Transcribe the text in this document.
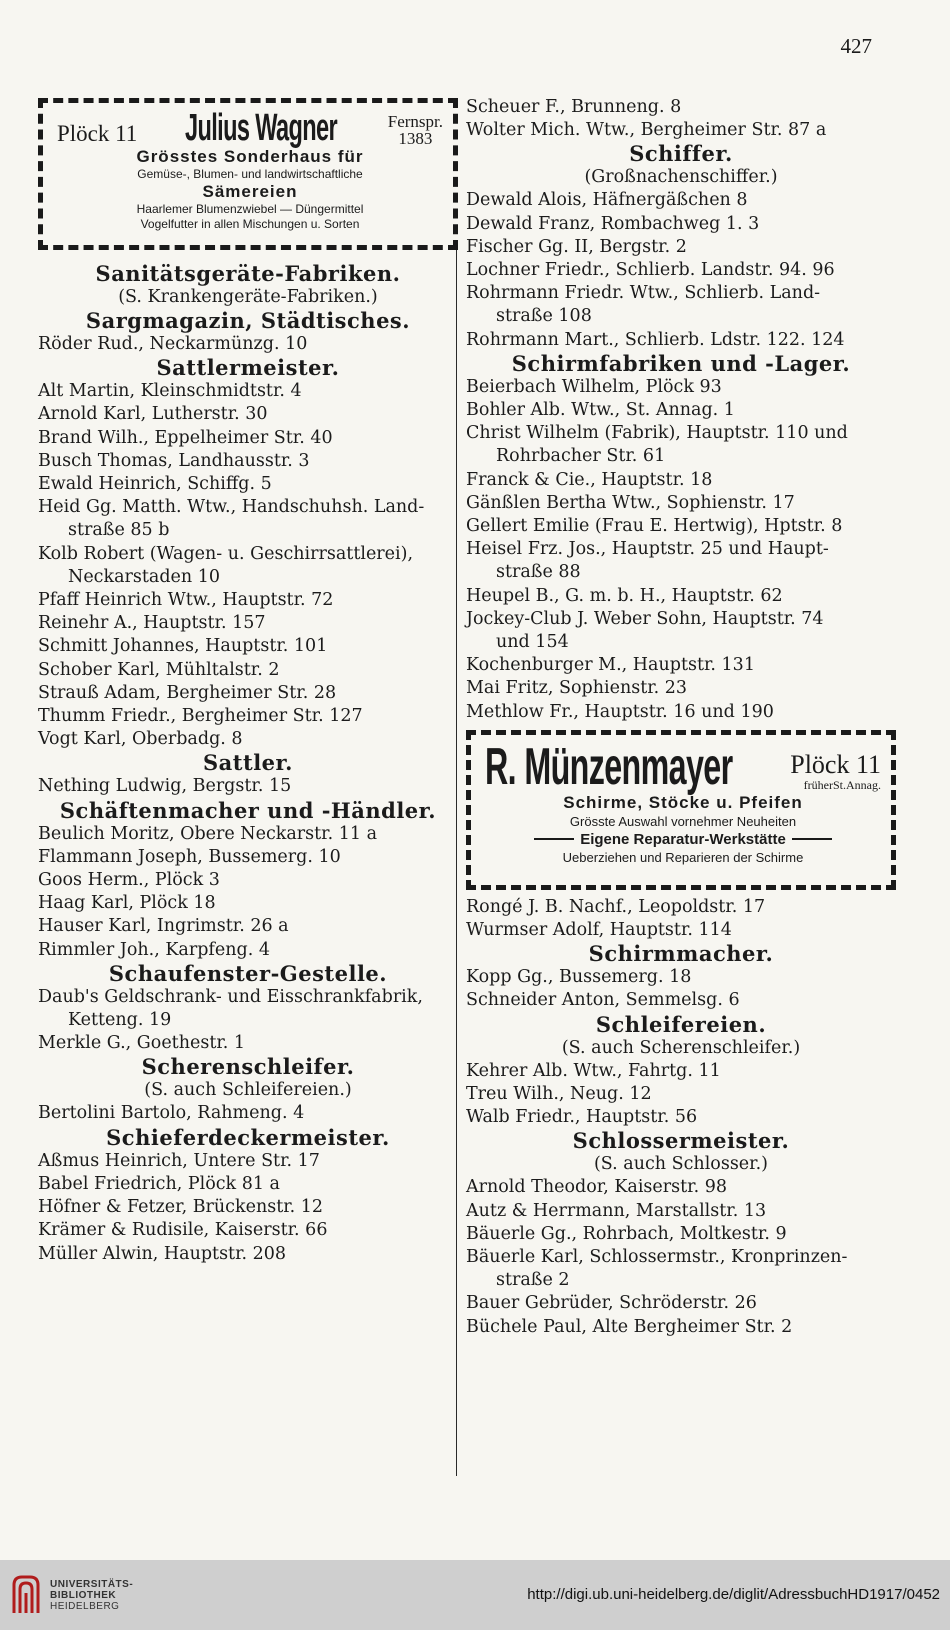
427
Plöck 11 Julius Wagner	Fernspr.
1383
Grösstes Sonderhaus für
Gemüse-, Blumen- und landwirtschaftliche
Sämereien
Haarlemer Blumenzwiebel — Düngermittel
Vogelfutter in allen Mischungen u. Sorten

Sanitätsgeräte-Fabriken.

(S. Krankengeräte-Fabriken.)

Sargmagazin, Städtisches.

Röder Rud., Neckarmünzg. 10

Sattlermeister.

Alt Martin, Kleinschmidtstr. 4

Arnold Karl, Lutherstr. 30

Brand Wilh., Eppelheimer Str. 40

Busch Thomas, Landhausstr. 3

Ewald Heinrich, Schiffg. 5

Heid Gg. Matth. Wtw., Handschuhsh. Land-

straße 85 b

Kolb Robert (Wagen- u. Geschirrsattlerei),

Neckarstaden 10

Pfaff Heinrich Wtw., Hauptstr. 72

Reinehr A., Hauptstr. 157

Schmitt Johannes, Hauptstr. 101

Schober Karl, Mühltalstr. 2

Strauß Adam, Bergheimer Str. 28

Thumm Friedr., Bergheimer Str. 127

Vogt Karl, Oberbadg. 8

Sattler.

Nething Ludwig, Bergstr. 15

Schäftenmacher und -Händler.

Beulich Moritz, Obere Neckarstr. 11 a

Flammann Joseph, Bussemerg. 10

Goos Herm., Plöck 3

Haag Karl, Plöck 18

Hauser Karl, Ingrimstr. 26 a

Rimmler Joh., Karpfeng. 4

Schaufenster-Gestelle.

Daub's Geldschrank- und Eisschrankfabrik,

Ketteng. 19

Merkle G., Goethestr. 1

Scherenschleifer.

(S. auch Schleifereien.)

Bertolini Bartolo, Rahmeng. 4

Schieferdeckermeister.

Aßmus Heinrich, Untere Str. 17

Babel Friedrich, Plöck 81 a

Höfner & Fetzer, Brückenstr. 12

Krämer & Rudisile, Kaiserstr. 66

Müller Alwin, Hauptstr. 208

Scheuer F., Brunneng. 8

Wolter Mich. Wtw., Bergheimer Str. 87 a

Schiffer.

(Großnachenschiffer.)

Dewald Alois, Häfnergäßchen 8

Dewald Franz, Rombachweg 1. 3

Fischer Gg. II, Bergstr. 2

Lochner Friedr., Schlierb. Landstr. 94. 96

Rohrmann Friedr. Wtw., Schlierb. Land-

straße 108

Rohrmann Mart., Schlierb. Ldstr. 122. 124

Schirmfabriken und -Lager.

Beierbach Wilhelm, Plöck 93

Bohler Alb. Wtw., St. Annag. 1

Christ Wilhelm (Fabrik), Hauptstr. 110 und

Rohrbacher Str. 61

Franck & Cie., Hauptstr. 18

Gänßlen Bertha Wtw., Sophienstr. 17

Gellert Emilie (Frau E. Hertwig), Hptstr. 8

Heisel Frz. Jos., Hauptstr. 25 und Haupt-

straße 88

Heupel B., G. m. b. H., Hauptstr. 62

Jockey-Club J. Weber Sohn, Hauptstr. 74

und 154

Kochenburger M., Hauptstr. 131

Mai Fritz, Sophienstr. 23

Methlow Fr., Hauptstr. 16 und 190

R. Münzenmayer Plöck 11
früherSt.Annag.
Schirme, Stöcke u. Pfeifen
Grösste Auswahl vornehmer Neuheiten
Eigene Reparatur-Werkstätte
Ueberziehen und Reparieren der Schirme

Rongé J. B. Nachf., Leopoldstr. 17

Wurmser Adolf, Hauptstr. 114

Schirmmacher.

Kopp Gg., Bussemerg. 18

Schneider Anton, Semmelsg. 6

Schleifereien.

(S. auch Scherenschleifer.)

Kehrer Alb. Wtw., Fahrtg. 11

Treu Wilh., Neug. 12

Walb Friedr., Hauptstr. 56

Schlossermeister.

(S. auch Schlosser.)

Arnold Theodor, Kaiserstr. 98

Autz & Herrmann, Marstallstr. 13

Bäuerle Gg., Rohrbach, Moltkestr. 9

Bäuerle Karl, Schlossermstr., Kronprinzen-

straße 2

Bauer Gebrüder, Schröderstr. 26

Büchele Paul, Alte Bergheimer Str. 2

UNIVERSITÄTS-
BIBLIOTHEK
HEIDELBERG
http://digi.ub.uni-heidelberg.de/diglit/AdressbuchHD1917/0452
